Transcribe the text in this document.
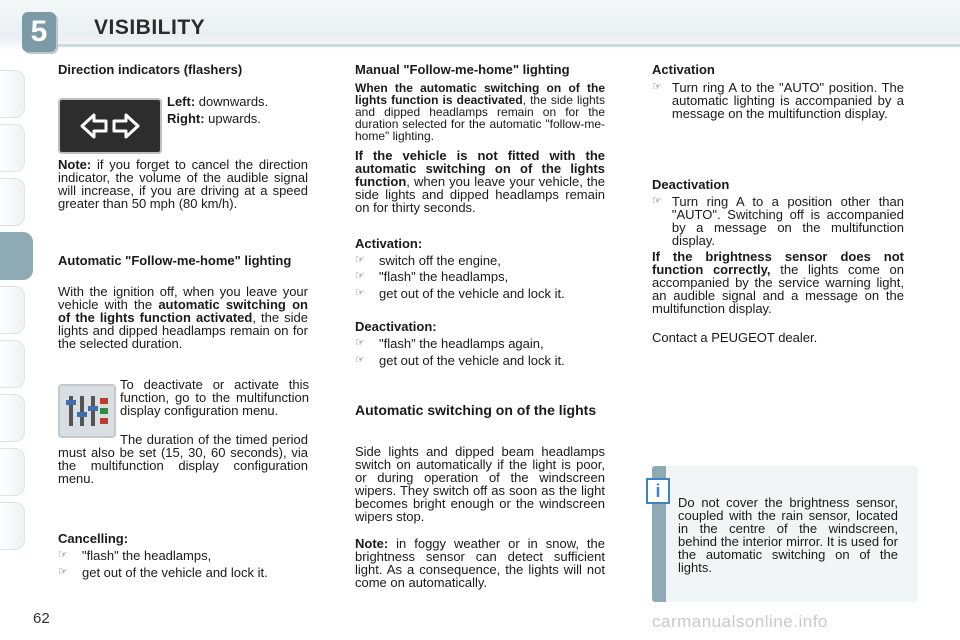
5	VISIBILITY
Direction indicators (flashers)
Left: downwards.
Right: upwards.
Note: if you forget to cancel the direction indicator, the volume of the audible signal will increase, if you are driving at a speed greater than 50 mph (80 km/h).
Automatic "Follow-me-home" lighting
With the ignition off, when you leave your vehicle with the automatic switching on of the lights function activated, the side lights and dipped headlamps remain on for the selected duration.
To deactivate or activate this function, go to the multifunction display configuration menu.
The duration of the timed period must also be set (15, 30, 60 seconds), via the multifunction display configuration menu.
Cancelling:
☞	"flash" the headlamps,
☞	get out of the vehicle and lock it.
Manual "Follow-me-home" lighting
When the automatic switching on of the lights function is deactivated, the side lights and dipped headlamps remain on for the duration selected for the automatic "follow-me-home" lighting.
If the vehicle is not fitted with the automatic switching on of the lights function, when you leave your vehicle, the side lights and dipped headlamps remain on for thirty seconds.
Activation:
☞	switch off the engine,
☞	"flash" the headlamps,
☞	get out of the vehicle and lock it.
Deactivation:
☞	"flash" the headlamps again,
☞	get out of the vehicle and lock it.
Automatic switching on of the lights
Side lights and dipped beam headlamps switch on automatically if the light is poor, or during operation of the windscreen wipers. They switch off as soon as the light becomes bright enough or the windscreen wipers stop.
Note: in foggy weather or in snow, the brightness sensor can detect sufficient light. As a consequence, the lights will not come on automatically.
Activation
☞ Turn ring A to the "AUTO" position. The automatic lighting is accompanied by a message on the multifunction display.
Deactivation
☞ Turn ring A to a position other than "AUTO". Switching off is accompanied by a message on the multifunction display.
If the brightness sensor does not function correctly, the lights come on accompanied by the service warning light, an audible signal and a message on the multifunction display.
Contact a PEUGEOT dealer.
i
Do not cover the brightness sensor, coupled with the rain sensor, located in the centre of the windscreen, behind the interior mirror. It is used for the automatic switching on of the lights.
62	carmanualsonline.info
